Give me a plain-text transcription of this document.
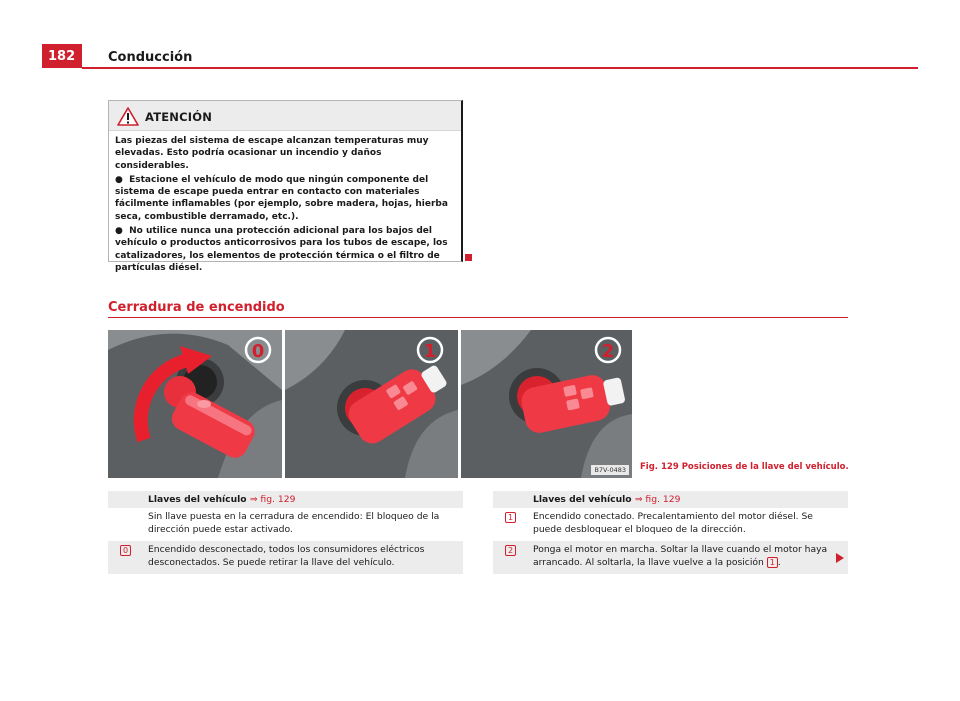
182	Conducción
ATENCIÓN

Las piezas del sistema de escape alcanzan temperaturas muy elevadas. Esto podría ocasionar un incendio y daños considerables.

●  Estacione el vehículo de modo que ningún componente del sistema de escape pueda entrar en contacto con materiales fácilmente inflamables (por ejemplo, sobre madera, hojas, hierba seca, combustible derramado, etc.).

●  No utilice nunca una protección adicional para los bajos del vehículo o productos anticorrosivos para los tubos de escape, los catalizadores, los elementos de protección térmica o el filtro de partículas diésel.

Cerradura de encendido
0	1	2
B7V-0483	Fig. 129 Posiciones de la llave del vehículo.
Llaves del vehículo ⇒ fig. 129
Sin llave puesta en la cerradura de encendido: El bloqueo de la dirección puede estar activado.
0	Encendido desconectado, todos los consumidores eléctricos desconectados. Se puede retirar la llave del vehículo.
Llaves del vehículo ⇒ fig. 129
1	Encendido conectado. Precalentamiento del motor diésel. Se puede desbloquear el bloqueo de la dirección.
2	Ponga el motor en marcha. Soltar la llave cuando el motor haya arrancado. Al soltarla, la llave vuelve a la posición 1 .
